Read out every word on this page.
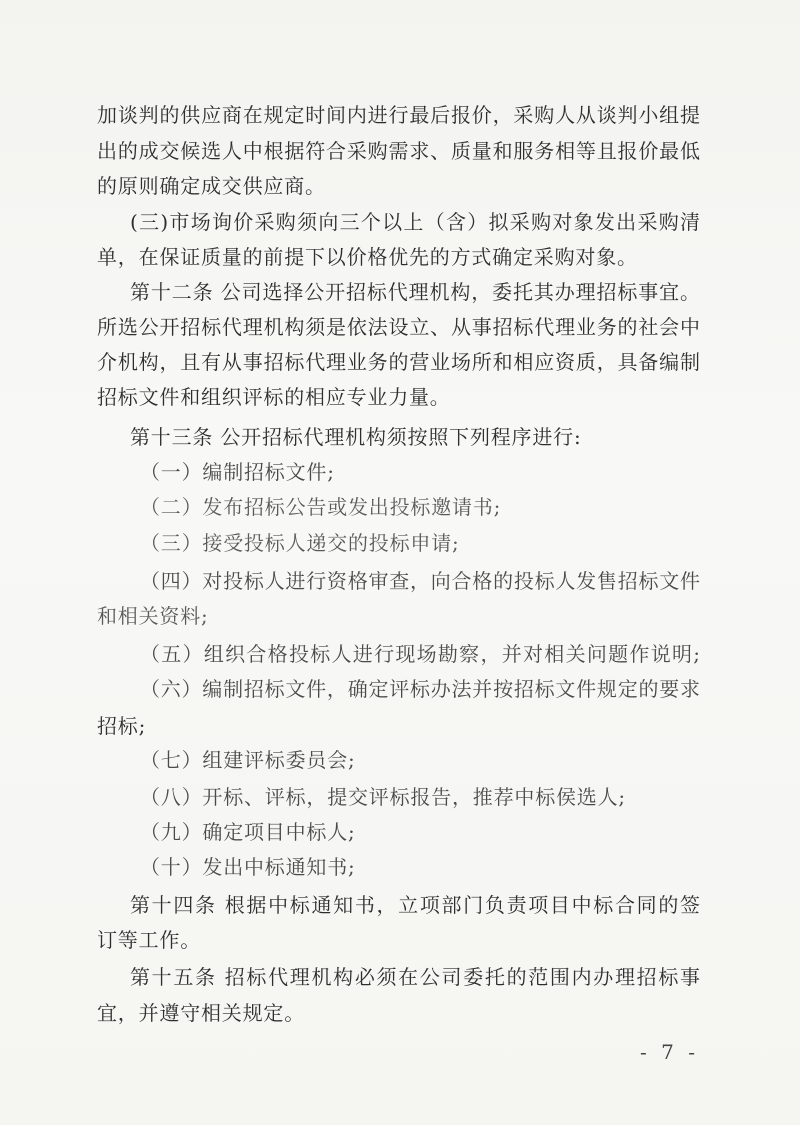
加谈判的供应商在规定时间内进行最后报价，采购人从谈判小组提
出的成交候选人中根据符合采购需求、质量和服务相等且报价最低
的原则确定成交供应商。
(三)市场询价采购须向三个以上（含）拟采购对象发出采购清
单，在保证质量的前提下以价格优先的方式确定采购对象。
第十二条 公司选择公开招标代理机构，委托其办理招标事宜。
所选公开招标代理机构须是依法设立、从事招标代理业务的社会中
介机构，且有从事招标代理业务的营业场所和相应资质，具备编制
招标文件和组织评标的相应专业力量。
第十三条 公开招标代理机构须按照下列程序进行:
（一）编制招标文件;
（二）发布招标公告或发出投标邀请书;
（三）接受投标人递交的投标申请;
（四）对投标人进行资格审查，向合格的投标人发售招标文件
和相关资料;
（五）组织合格投标人进行现场勘察，并对相关问题作说明;
（六）编制招标文件，确定评标办法并按招标文件规定的要求
招标;
（七）组建评标委员会;
（八）开标、评标，提交评标报告，推荐中标侯选人;
（九）确定项目中标人;
（十）发出中标通知书;
第十四条 根据中标通知书，立项部门负责项目中标合同的签
订等工作。
第十五条 招标代理机构必须在公司委托的范围内办理招标事
宜，并遵守相关规定。
- 7 -
